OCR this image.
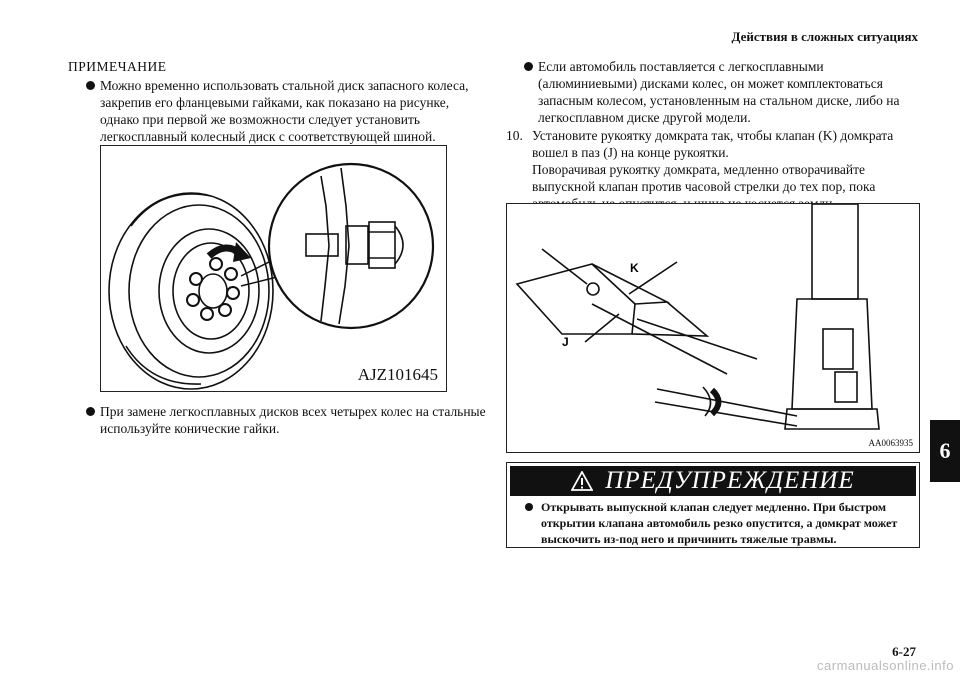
Действия в сложных ситуациях
ПРИМЕЧАНИЕ
Можно временно использовать стальной диск запасного колеса, закрепив его фланцевыми гайками, как показано на рисунке, однако при первой же возможности следует установить легкосплавный колесный диск с соответствующей шиной.
AJZ101645
При замене легкосплавных дисков всех четырех колес на стальные используйте конические гайки.
Если автомобиль поставляется с легкосплавными (алюминиевыми) дисками колес, он может комплектоваться запасным колесом, установленным на стальном диске, либо на легкосплавном диске другой модели.
10. Установите рукоятку домкрата так, чтобы клапан (K) домкрата вошел в паз (J) на конце рукоятки.
Поворачивая рукоятку домкрата, медленно отворачивайте выпускной клапан против часовой стрелки до тех пор, пока
K
J
AA0063935
ПРЕДУПРЕЖДЕНИЕ
Открывать выпускной клапан следует медленно. При быстром открытии клапана автомобиль резко опустится, а домкрат может выскочить из-под него и причинить тяжелые травмы.
6
6-27
carmanualsonline.info
